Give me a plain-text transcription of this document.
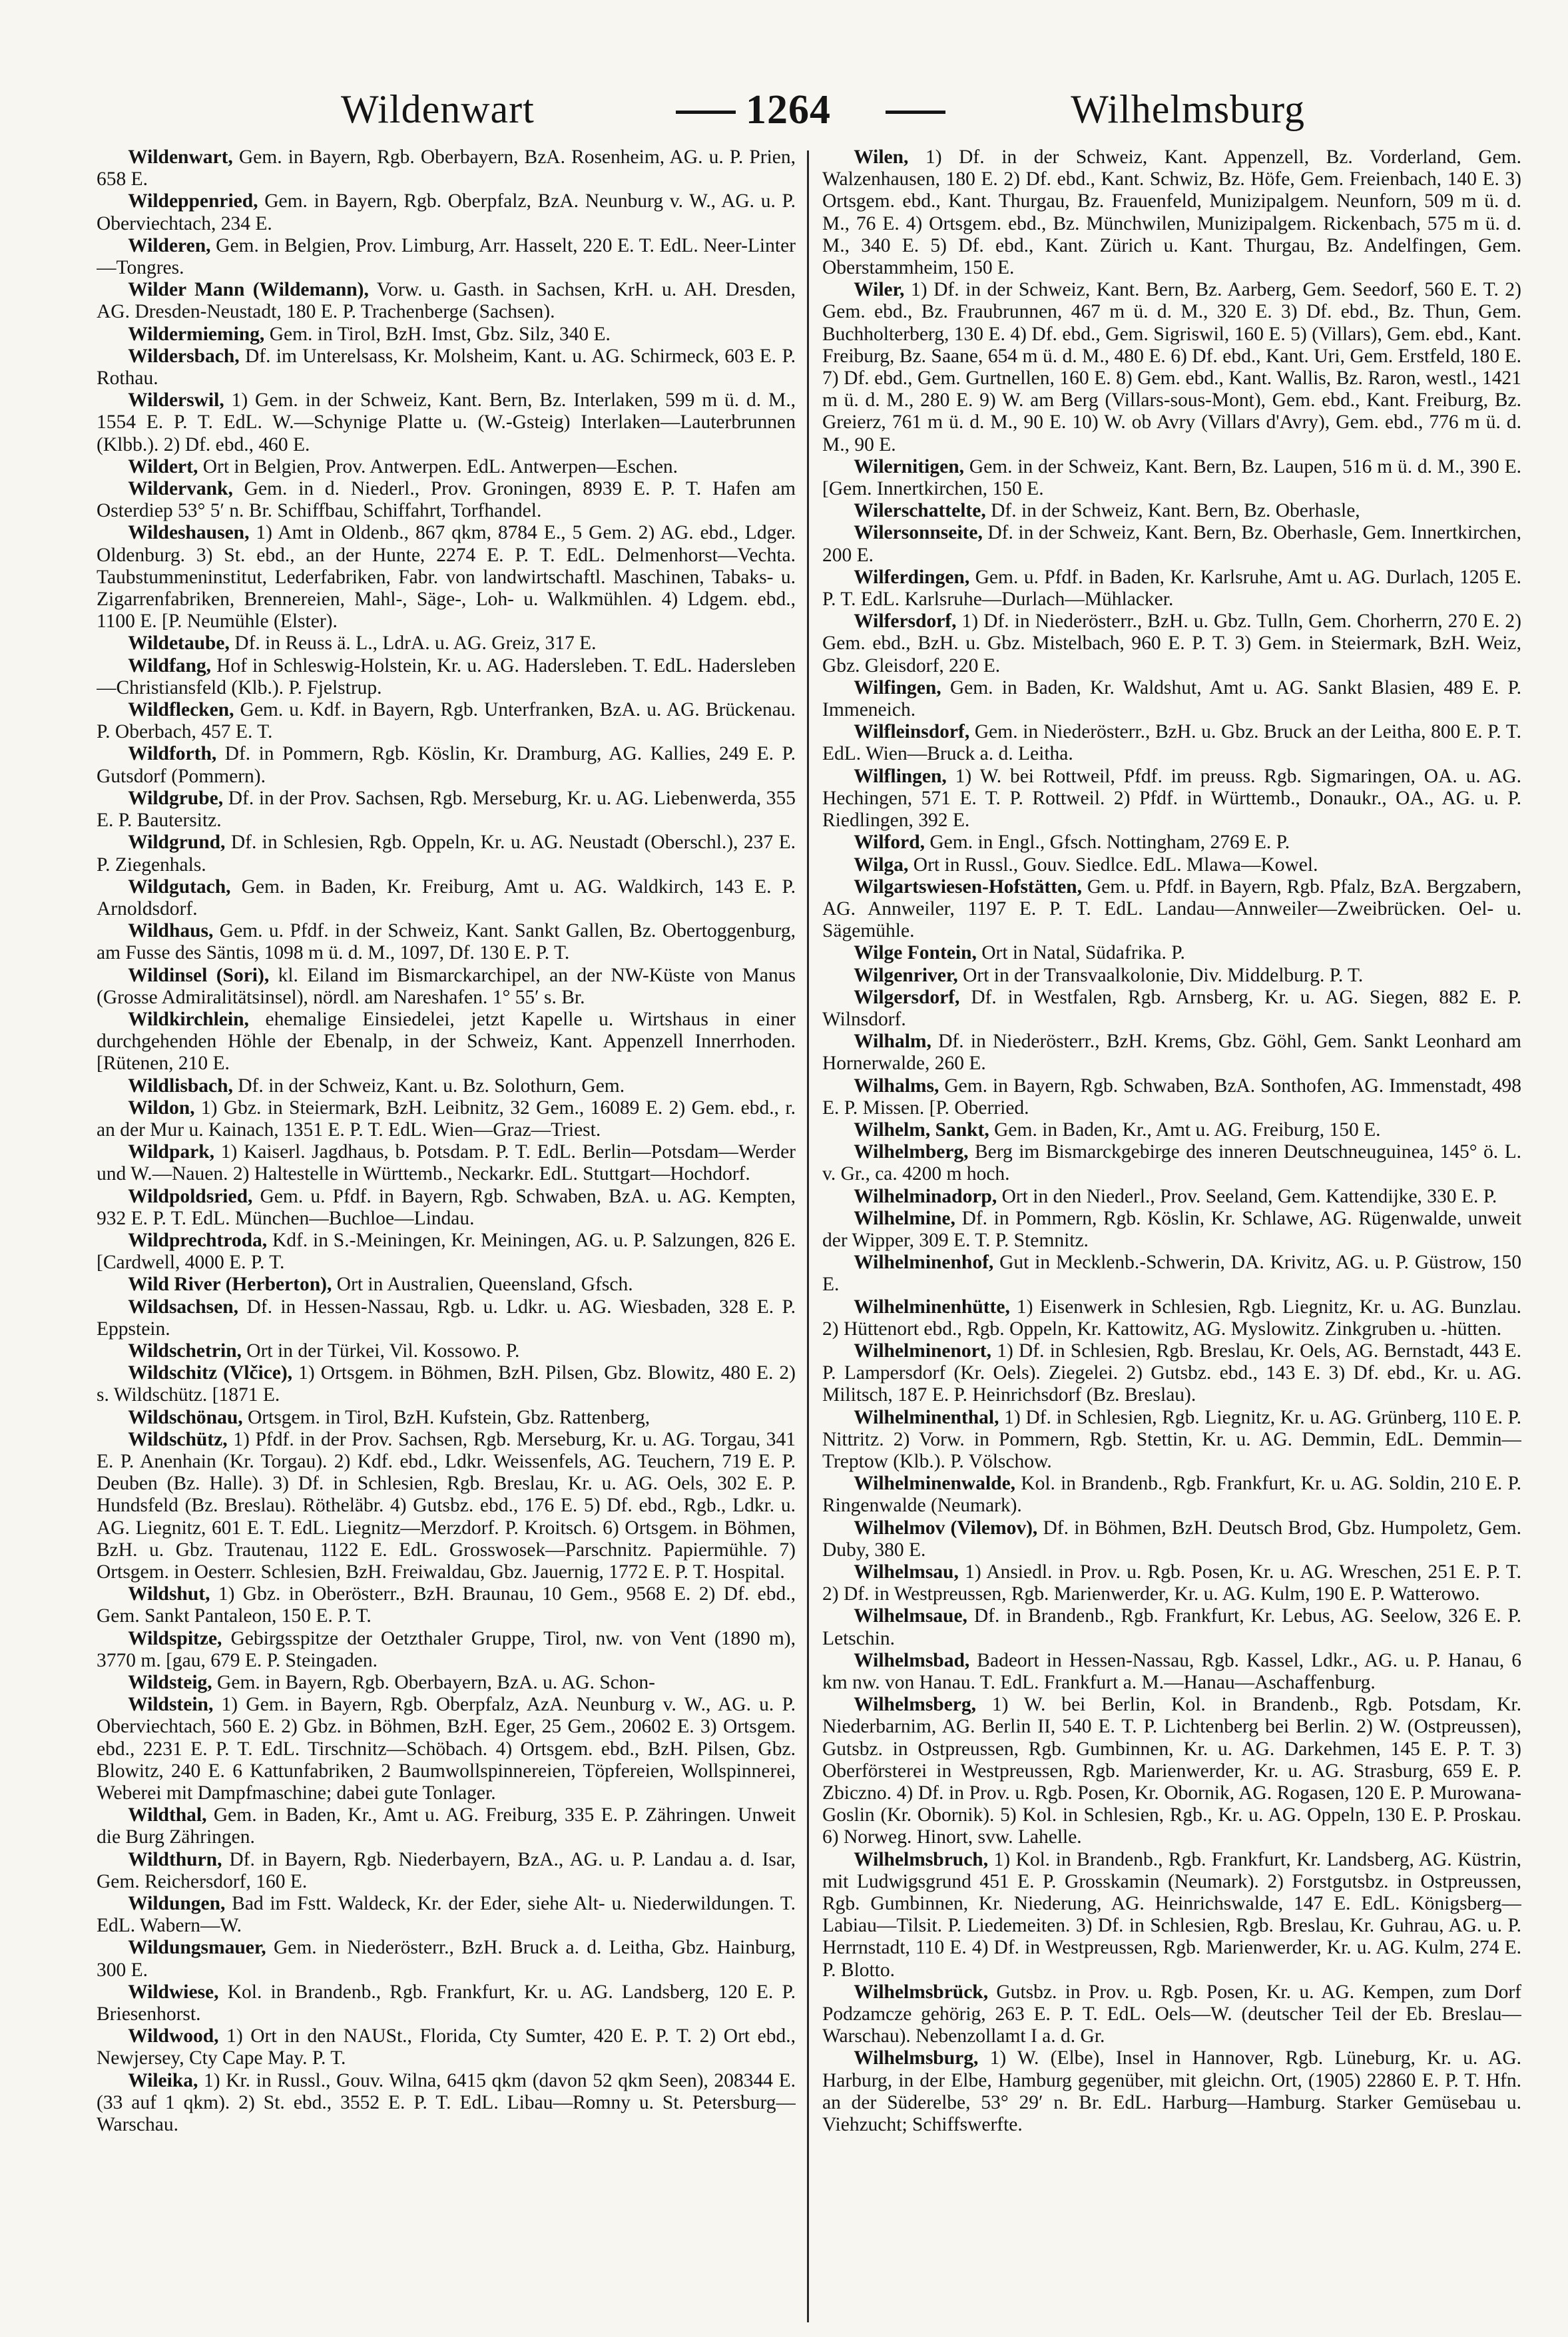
Wildenwart	1264	Wilhelmsburg

Wildenwart, Gem. in Bayern, Rgb. Oberbayern, BzA. Rosenheim, AG. u. P. Prien, 658 E.

Wildeppenried, Gem. in Bayern, Rgb. Oberpfalz, BzA. Neunburg v. W., AG. u. P. Oberviechtach, 234 E.

Wilderen, Gem. in Belgien, Prov. Limburg, Arr. Hasselt, 220 E. T. EdL. Neer-Linter—Tongres.

Wilder Mann (Wildemann), Vorw. u. Gasth. in Sachsen, KrH. u. AH. Dresden, AG. Dresden-Neustadt, 180 E. P. Trachenberge (Sachsen).

Wildermieming, Gem. in Tirol, BzH. Imst, Gbz. Silz, 340 E.

Wildersbach, Df. im Unterelsass, Kr. Molsheim, Kant. u. AG. Schirmeck, 603 E. P. Rothau.

Wilderswil, 1) Gem. in der Schweiz, Kant. Bern, Bz. Interlaken, 599 m ü. d. M., 1554 E. P. T. EdL. W.—Schynige Platte u. (W.-Gsteig) Interlaken—Lauterbrunnen (Klbb.). 2) Df. ebd., 460 E.

Wildert, Ort in Belgien, Prov. Antwerpen. EdL. Antwerpen—Eschen.

Wildervank, Gem. in d. Niederl., Prov. Groningen, 8939 E. P. T. Hafen am Osterdiep 53° 5′ n. Br. Schiffbau, Schiffahrt, Torfhandel.

Wildeshausen, 1) Amt in Oldenb., 867 qkm, 8784 E., 5 Gem. 2) AG. ebd., Ldger. Oldenburg. 3) St. ebd., an der Hunte, 2274 E. P. T. EdL. Delmenhorst—Vechta. Taubstummeninstitut, Lederfabriken, Fabr. von landwirtschaftl. Maschinen, Tabaks- u. Zigarrenfabriken, Brennereien, Mahl-, Säge-, Loh- u. Walkmühlen. 4) Ldgem. ebd., 1100 E. [P. Neumühle (Elster).

Wildetaube, Df. in Reuss ä. L., LdrA. u. AG. Greiz, 317 E.

Wildfang, Hof in Schleswig-Holstein, Kr. u. AG. Hadersleben. T. EdL. Hadersleben—Christiansfeld (Klb.). P. Fjelstrup.

Wildflecken, Gem. u. Kdf. in Bayern, Rgb. Unterfranken, BzA. u. AG. Brückenau. P. Oberbach, 457 E. T.

Wildforth, Df. in Pommern, Rgb. Köslin, Kr. Dramburg, AG. Kallies, 249 E. P. Gutsdorf (Pommern).

Wildgrube, Df. in der Prov. Sachsen, Rgb. Merseburg, Kr. u. AG. Liebenwerda, 355 E. P. Bautersitz.

Wildgrund, Df. in Schlesien, Rgb. Oppeln, Kr. u. AG. Neustadt (Oberschl.), 237 E. P. Ziegenhals.

Wildgutach, Gem. in Baden, Kr. Freiburg, Amt u. AG. Waldkirch, 143 E. P. Arnoldsdorf.

Wildhaus, Gem. u. Pfdf. in der Schweiz, Kant. Sankt Gallen, Bz. Obertoggenburg, am Fusse des Säntis, 1098 m ü. d. M., 1097, Df. 130 E. P. T.

Wildinsel (Sori), kl. Eiland im Bismarckarchipel, an der NW-Küste von Manus (Grosse Admiralitätsinsel), nördl. am Nareshafen. 1° 55′ s. Br.

Wildkirchlein, ehemalige Einsiedelei, jetzt Kapelle u. Wirtshaus in einer durchgehenden Höhle der Ebenalp, in der Schweiz, Kant. Appenzell Innerrhoden. [Rütenen, 210 E.

Wildlisbach, Df. in der Schweiz, Kant. u. Bz. Solothurn, Gem.

Wildon, 1) Gbz. in Steiermark, BzH. Leibnitz, 32 Gem., 16089 E. 2) Gem. ebd., r. an der Mur u. Kainach, 1351 E. P. T. EdL. Wien—Graz—Triest.

Wildpark, 1) Kaiserl. Jagdhaus, b. Potsdam. P. T. EdL. Berlin—Potsdam—Werder und W.—Nauen. 2) Haltestelle in Württemb., Neckarkr. EdL. Stuttgart—Hochdorf.

Wildpoldsried, Gem. u. Pfdf. in Bayern, Rgb. Schwaben, BzA. u. AG. Kempten, 932 E. P. T. EdL. München—Buchloe—Lindau.

Wildprechtroda, Kdf. in S.-Meiningen, Kr. Meiningen, AG. u. P. Salzungen, 826 E. [Cardwell, 4000 E. P. T.

Wild River (Herberton), Ort in Australien, Queensland, Gfsch.

Wildsachsen, Df. in Hessen-Nassau, Rgb. u. Ldkr. u. AG. Wiesbaden, 328 E. P. Eppstein.

Wildschetrin, Ort in der Türkei, Vil. Kossowo. P.

Wildschitz (Vlčice), 1) Ortsgem. in Böhmen, BzH. Pilsen, Gbz. Blowitz, 480 E. 2) s. Wildschütz. [1871 E.

Wildschönau, Ortsgem. in Tirol, BzH. Kufstein, Gbz. Rattenberg,

Wildschütz, 1) Pfdf. in der Prov. Sachsen, Rgb. Merseburg, Kr. u. AG. Torgau, 341 E. P. Anenhain (Kr. Torgau). 2) Kdf. ebd., Ldkr. Weissenfels, AG. Teuchern, 719 E. P. Deuben (Bz. Halle). 3) Df. in Schlesien, Rgb. Breslau, Kr. u. AG. Oels, 302 E. P. Hundsfeld (Bz. Breslau). Rötheläbr. 4) Gutsbz. ebd., 176 E. 5) Df. ebd., Rgb., Ldkr. u. AG. Liegnitz, 601 E. T. EdL. Liegnitz—Merzdorf. P. Kroitsch. 6) Ortsgem. in Böhmen, BzH. u. Gbz. Trautenau, 1122 E. EdL. Grosswosek—Parschnitz. Papiermühle. 7) Ortsgem. in Oesterr. Schlesien, BzH. Freiwaldau, Gbz. Jauernig, 1772 E. P. T. Hospital.

Wildshut, 1) Gbz. in Oberösterr., BzH. Braunau, 10 Gem., 9568 E. 2) Df. ebd., Gem. Sankt Pantaleon, 150 E. P. T.

Wildspitze, Gebirgsspitze der Oetzthaler Gruppe, Tirol, nw. von Vent (1890 m), 3770 m. [gau, 679 E. P. Steingaden.

Wildsteig, Gem. in Bayern, Rgb. Oberbayern, BzA. u. AG. Schon-

Wildstein, 1) Gem. in Bayern, Rgb. Oberpfalz, AzA. Neunburg v. W., AG. u. P. Oberviechtach, 560 E. 2) Gbz. in Böhmen, BzH. Eger, 25 Gem., 20602 E. 3) Ortsgem. ebd., 2231 E. P. T. EdL. Tirschnitz—Schöbach. 4) Ortsgem. ebd., BzH. Pilsen, Gbz. Blowitz, 240 E. 6 Kattunfabriken, 2 Baumwollspinnereien, Töpfereien, Wollspinnerei, Weberei mit Dampfmaschine; dabei gute Tonlager.

Wildthal, Gem. in Baden, Kr., Amt u. AG. Freiburg, 335 E. P. Zähringen. Unweit die Burg Zähringen.

Wildthurn, Df. in Bayern, Rgb. Niederbayern, BzA., AG. u. P. Landau a. d. Isar, Gem. Reichersdorf, 160 E.

Wildungen, Bad im Fstt. Waldeck, Kr. der Eder, siehe Alt- u. Niederwildungen. T. EdL. Wabern—W.

Wildungsmauer, Gem. in Niederösterr., BzH. Bruck a. d. Leitha, Gbz. Hainburg, 300 E.

Wildwiese, Kol. in Brandenb., Rgb. Frankfurt, Kr. u. AG. Landsberg, 120 E. P. Briesenhorst.

Wildwood, 1) Ort in den NAUSt., Florida, Cty Sumter, 420 E. P. T. 2) Ort ebd., Newjersey, Cty Cape May. P. T.

Wileika, 1) Kr. in Russl., Gouv. Wilna, 6415 qkm (davon 52 qkm Seen), 208344 E. (33 auf 1 qkm). 2) St. ebd., 3552 E. P. T. EdL. Libau—Romny u. St. Petersburg—Warschau.

Wilen, 1) Df. in der Schweiz, Kant. Appenzell, Bz. Vorderland, Gem. Walzenhausen, 180 E. 2) Df. ebd., Kant. Schwiz, Bz. Höfe, Gem. Freienbach, 140 E. 3) Ortsgem. ebd., Kant. Thurgau, Bz. Frauenfeld, Munizipalgem. Neunforn, 509 m ü. d. M., 76 E. 4) Ortsgem. ebd., Bz. Münchwilen, Munizipalgem. Rickenbach, 575 m ü. d. M., 340 E. 5) Df. ebd., Kant. Zürich u. Kant. Thurgau, Bz. Andelfingen, Gem. Oberstammheim, 150 E.

Wiler, 1) Df. in der Schweiz, Kant. Bern, Bz. Aarberg, Gem. Seedorf, 560 E. T. 2) Gem. ebd., Bz. Fraubrunnen, 467 m ü. d. M., 320 E. 3) Df. ebd., Bz. Thun, Gem. Buchholterberg, 130 E. 4) Df. ebd., Gem. Sigriswil, 160 E. 5) (Villars), Gem. ebd., Kant. Freiburg, Bz. Saane, 654 m ü. d. M., 480 E. 6) Df. ebd., Kant. Uri, Gem. Erstfeld, 180 E. 7) Df. ebd., Gem. Gurtnellen, 160 E. 8) Gem. ebd., Kant. Wallis, Bz. Raron, westl., 1421 m ü. d. M., 280 E. 9) W. am Berg (Villars-sous-Mont), Gem. ebd., Kant. Freiburg, Bz. Greierz, 761 m ü. d. M., 90 E. 10) W. ob Avry (Villars d'Avry), Gem. ebd., 776 m ü. d. M., 90 E.

Wilernitigen, Gem. in der Schweiz, Kant. Bern, Bz. Laupen, 516 m ü. d. M., 390 E. [Gem. Innertkirchen, 150 E.

Wilerschattelte, Df. in der Schweiz, Kant. Bern, Bz. Oberhasle,

Wilersonnseite, Df. in der Schweiz, Kant. Bern, Bz. Oberhasle, Gem. Innertkirchen, 200 E.

Wilferdingen, Gem. u. Pfdf. in Baden, Kr. Karlsruhe, Amt u. AG. Durlach, 1205 E. P. T. EdL. Karlsruhe—Durlach—Mühlacker.

Wilfersdorf, 1) Df. in Niederösterr., BzH. u. Gbz. Tulln, Gem. Chorherrn, 270 E. 2) Gem. ebd., BzH. u. Gbz. Mistelbach, 960 E. P. T. 3) Gem. in Steiermark, BzH. Weiz, Gbz. Gleisdorf, 220 E.

Wilfingen, Gem. in Baden, Kr. Waldshut, Amt u. AG. Sankt Blasien, 489 E. P. Immeneich.

Wilfleinsdorf, Gem. in Niederösterr., BzH. u. Gbz. Bruck an der Leitha, 800 E. P. T. EdL. Wien—Bruck a. d. Leitha.

Wilflingen, 1) W. bei Rottweil, Pfdf. im preuss. Rgb. Sigmaringen, OA. u. AG. Hechingen, 571 E. T. P. Rottweil. 2) Pfdf. in Württemb., Donaukr., OA., AG. u. P. Riedlingen, 392 E.

Wilford, Gem. in Engl., Gfsch. Nottingham, 2769 E. P.

Wilga, Ort in Russl., Gouv. Siedlce. EdL. Mlawa—Kowel.

Wilgartswiesen-Hofstätten, Gem. u. Pfdf. in Bayern, Rgb. Pfalz, BzA. Bergzabern, AG. Annweiler, 1197 E. P. T. EdL. Landau—Annweiler—Zweibrücken. Oel- u. Sägemühle.

Wilge Fontein, Ort in Natal, Südafrika. P.

Wilgenriver, Ort in der Transvaalkolonie, Div. Middelburg. P. T.

Wilgersdorf, Df. in Westfalen, Rgb. Arnsberg, Kr. u. AG. Siegen, 882 E. P. Wilnsdorf.

Wilhalm, Df. in Niederösterr., BzH. Krems, Gbz. Göhl, Gem. Sankt Leonhard am Hornerwalde, 260 E.

Wilhalms, Gem. in Bayern, Rgb. Schwaben, BzA. Sonthofen, AG. Immenstadt, 498 E. P. Missen. [P. Oberried.

Wilhelm, Sankt, Gem. in Baden, Kr., Amt u. AG. Freiburg, 150 E.

Wilhelmberg, Berg im Bismarckgebirge des inneren Deutschneuguinea, 145° ö. L. v. Gr., ca. 4200 m hoch.

Wilhelminadorp, Ort in den Niederl., Prov. Seeland, Gem. Kattendijke, 330 E. P.

Wilhelmine, Df. in Pommern, Rgb. Köslin, Kr. Schlawe, AG. Rügenwalde, unweit der Wipper, 309 E. T. P. Stemnitz.

Wilhelminenhof, Gut in Mecklenb.-Schwerin, DA. Krivitz, AG. u. P. Güstrow, 150 E.

Wilhelminenhütte, 1) Eisenwerk in Schlesien, Rgb. Liegnitz, Kr. u. AG. Bunzlau. 2) Hüttenort ebd., Rgb. Oppeln, Kr. Kattowitz, AG. Myslowitz. Zinkgruben u. -hütten.

Wilhelminenort, 1) Df. in Schlesien, Rgb. Breslau, Kr. Oels, AG. Bernstadt, 443 E. P. Lampersdorf (Kr. Oels). Ziegelei. 2) Gutsbz. ebd., 143 E. 3) Df. ebd., Kr. u. AG. Militsch, 187 E. P. Heinrichsdorf (Bz. Breslau).

Wilhelminenthal, 1) Df. in Schlesien, Rgb. Liegnitz, Kr. u. AG. Grünberg, 110 E. P. Nittritz. 2) Vorw. in Pommern, Rgb. Stettin, Kr. u. AG. Demmin, EdL. Demmin—Treptow (Klb.). P. Völschow.

Wilhelminenwalde, Kol. in Brandenb., Rgb. Frankfurt, Kr. u. AG. Soldin, 210 E. P. Ringenwalde (Neumark).

Wilhelmov (Vilemov), Df. in Böhmen, BzH. Deutsch Brod, Gbz. Humpoletz, Gem. Duby, 380 E.

Wilhelmsau, 1) Ansiedl. in Prov. u. Rgb. Posen, Kr. u. AG. Wreschen, 251 E. P. T. 2) Df. in Westpreussen, Rgb. Marienwerder, Kr. u. AG. Kulm, 190 E. P. Watterowo.

Wilhelmsaue, Df. in Brandenb., Rgb. Frankfurt, Kr. Lebus, AG. Seelow, 326 E. P. Letschin.

Wilhelmsbad, Badeort in Hessen-Nassau, Rgb. Kassel, Ldkr., AG. u. P. Hanau, 6 km nw. von Hanau. T. EdL. Frankfurt a. M.—Hanau—Aschaffenburg.

Wilhelmsberg, 1) W. bei Berlin, Kol. in Brandenb., Rgb. Potsdam, Kr. Niederbarnim, AG. Berlin II, 540 E. T. P. Lichtenberg bei Berlin. 2) W. (Ostpreussen), Gutsbz. in Ostpreussen, Rgb. Gumbinnen, Kr. u. AG. Darkehmen, 145 E. P. T. 3) Oberförsterei in Westpreussen, Rgb. Marienwerder, Kr. u. AG. Strasburg, 659 E. P. Zbiczno. 4) Df. in Prov. u. Rgb. Posen, Kr. Obornik, AG. Rogasen, 120 E. P. Murowana-Goslin (Kr. Obornik). 5) Kol. in Schlesien, Rgb., Kr. u. AG. Oppeln, 130 E. P. Proskau. 6) Norweg. Hinort, svw. Lahelle.

Wilhelmsbruch, 1) Kol. in Brandenb., Rgb. Frankfurt, Kr. Landsberg, AG. Küstrin, mit Ludwigsgrund 451 E. P. Grosskamin (Neumark). 2) Forstgutsbz. in Ostpreussen, Rgb. Gumbinnen, Kr. Niederung, AG. Heinrichswalde, 147 E. EdL. Königsberg—Labiau—Tilsit. P. Liedemeiten. 3) Df. in Schlesien, Rgb. Breslau, Kr. Guhrau, AG. u. P. Herrnstadt, 110 E. 4) Df. in Westpreussen, Rgb. Marienwerder, Kr. u. AG. Kulm, 274 E. P. Blotto.

Wilhelmsbrück, Gutsbz. in Prov. u. Rgb. Posen, Kr. u. AG. Kempen, zum Dorf Podzamcze gehörig, 263 E. P. T. EdL. Oels—W. (deutscher Teil der Eb. Breslau—Warschau). Nebenzollamt I a. d. Gr.

Wilhelmsburg, 1) W. (Elbe), Insel in Hannover, Rgb. Lüneburg, Kr. u. AG. Harburg, in der Elbe, Hamburg gegenüber, mit gleichn. Ort, (1905) 22860 E. P. T. Hfn. an der Süderelbe, 53° 29′ n. Br. EdL. Harburg—Hamburg. Starker Gemüsebau u. Viehzucht; Schiffswerfte.
